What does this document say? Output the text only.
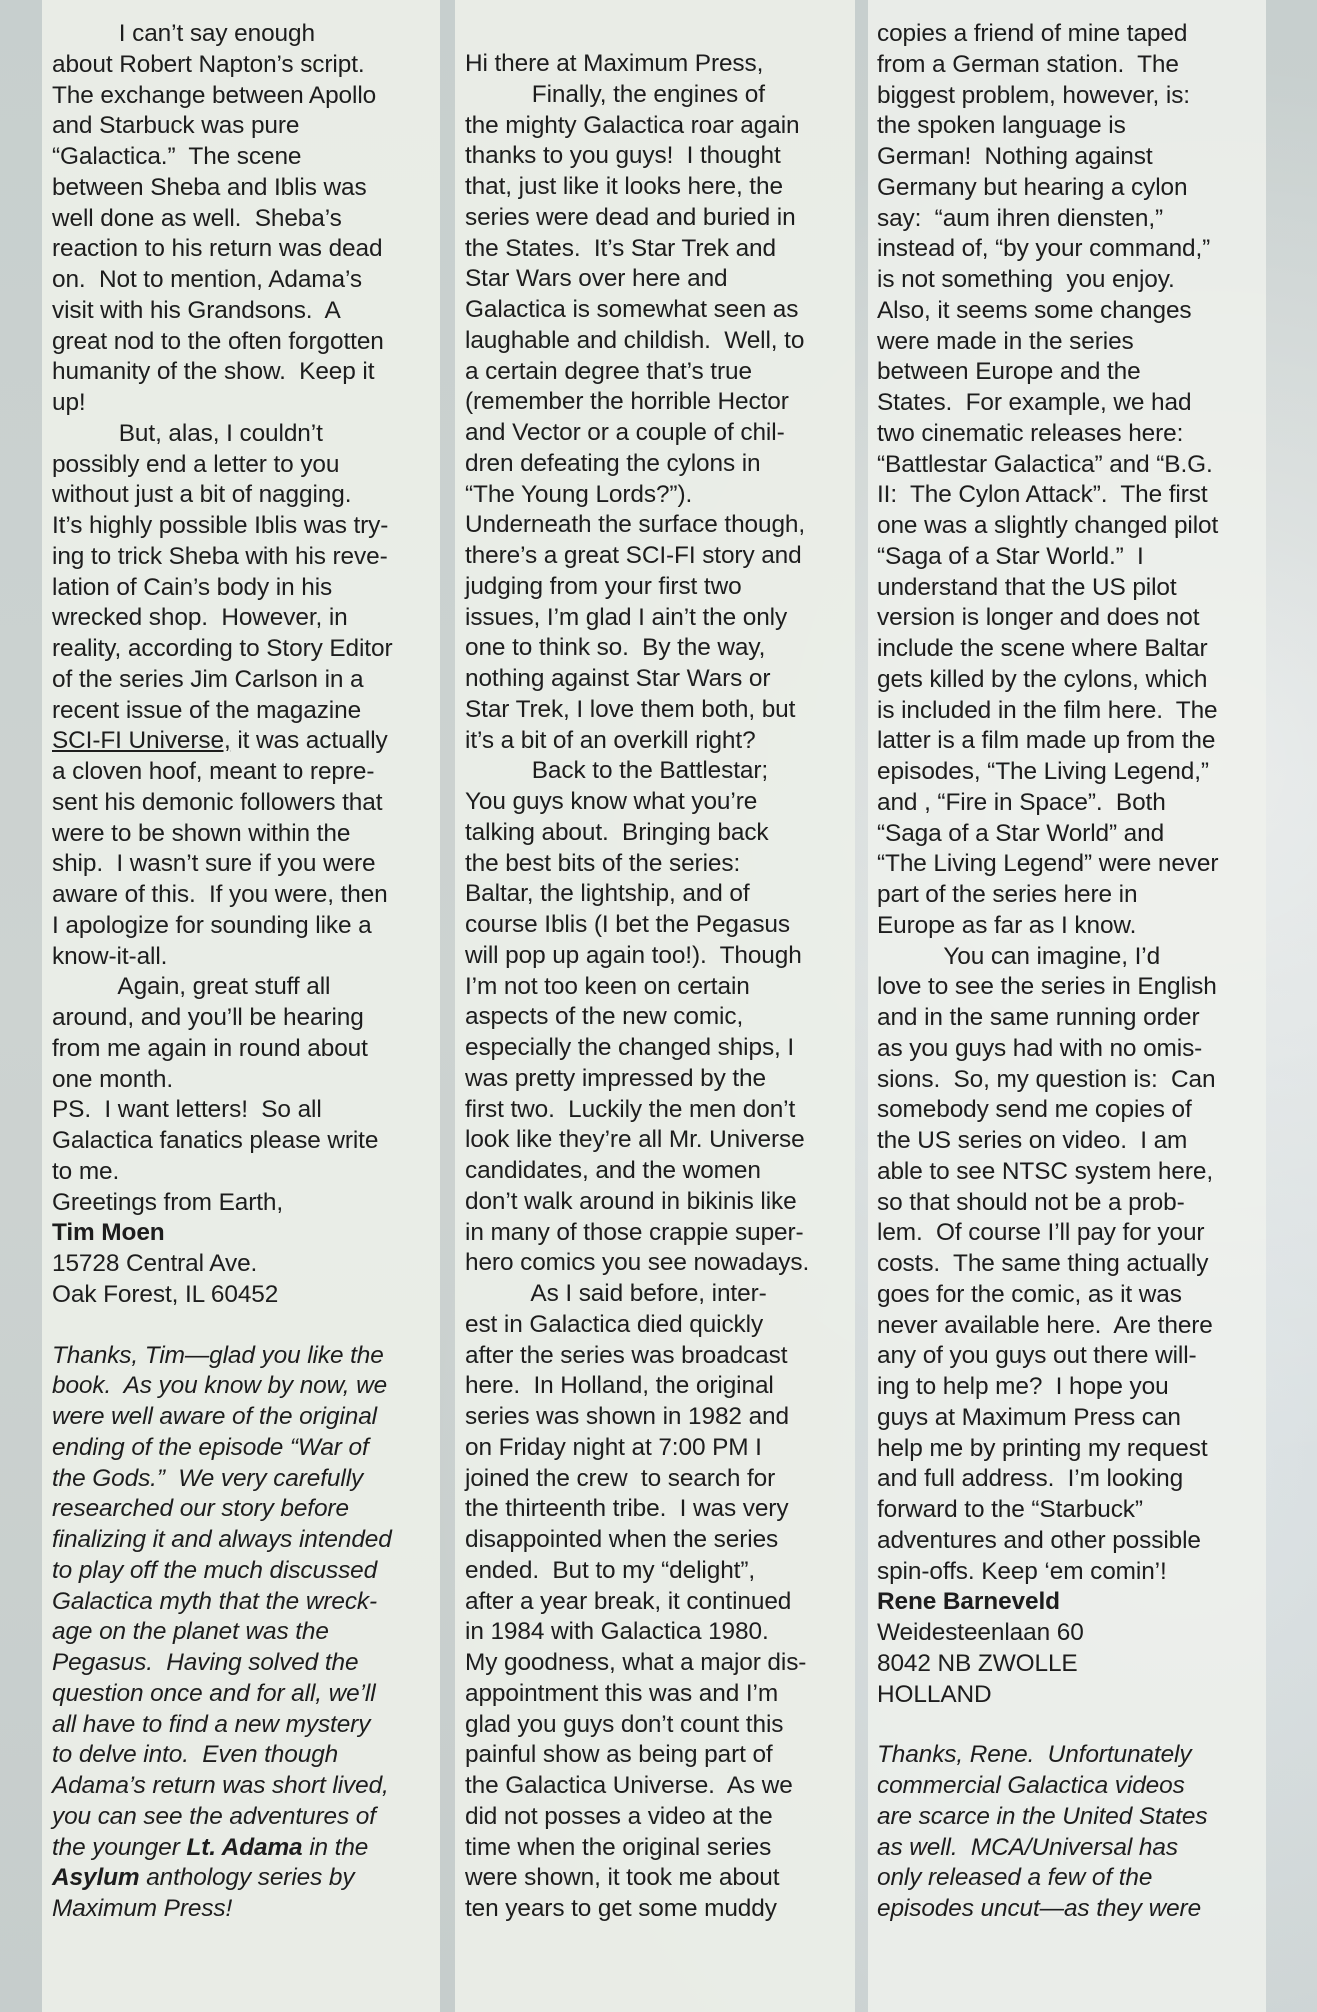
I can’t say enough
about Robert Napton’s script.
The exchange between Apollo
and Starbuck was pure
“Galactica.”  The scene
between Sheba and Iblis was
well done as well.  Sheba’s
reaction to his return was dead
on.  Not to mention, Adama’s
visit with his Grandsons.  A
great nod to the often forgotten
humanity of the show.  Keep it
up!
But, alas, I couldn’t
possibly end a letter to you
without just a bit of nagging.
It’s highly possible Iblis was try-
ing to trick Sheba with his reve-
lation of Cain’s body in his
wrecked shop.  However, in
reality, according to Story Editor
of the series Jim Carlson in a
recent issue of the magazine
SCI-FI Universe, it was actually
a cloven hoof, meant to repre-
sent his demonic followers that
were to be shown within the
ship.  I wasn’t sure if you were
aware of this.  If you were, then
I apologize for sounding like a
know-it-all.
Again, great stuff all
around, and you’ll be hearing
from me again in round about
one month.
PS.  I want letters!  So all
Galactica fanatics please write
to me.
Greetings from Earth,
Tim Moen
15728 Central Ave.
Oak Forest, IL 60452
Thanks, Tim—glad you like the
book.  As you know by now, we
were well aware of the original
ending of the episode “War of
the Gods.”  We very carefully
researched our story before
finalizing it and always intended
to play off the much discussed
Galactica myth that the wreck-
age on the planet was the
Pegasus.  Having solved the
question once and for all, we’ll
all have to find a new mystery
to delve into.  Even though
Adama’s return was short lived,
you can see the adventures of
the younger Lt. Adama in the
Asylum anthology series by
Maximum Press!
Hi there at Maximum Press,
Finally, the engines of
the mighty Galactica roar again
thanks to you guys!  I thought
that, just like it looks here, the
series were dead and buried in
the States.  It’s Star Trek and
Star Wars over here and
Galactica is somewhat seen as
laughable and childish.  Well, to
a certain degree that’s true
(remember the horrible Hector
and Vector or a couple of chil-
dren defeating the cylons in
“The Young Lords?”).
Underneath the surface though,
there’s a great SCI-FI story and
judging from your first two
issues, I’m glad I ain’t the only
one to think so.  By the way,
nothing against Star Wars or
Star Trek, I love them both, but
it’s a bit of an overkill right?
Back to the Battlestar;
You guys know what you’re
talking about.  Bringing back
the best bits of the series:
Baltar, the lightship, and of
course Iblis (I bet the Pegasus
will pop up again too!).  Though
I’m not too keen on certain
aspects of the new comic,
especially the changed ships, I
was pretty impressed by the
first two.  Luckily the men don’t
look like they’re all Mr. Universe
candidates, and the women
don’t walk around in bikinis like
in many of those crappie super-
hero comics you see nowadays.
As I said before, inter-
est in Galactica died quickly
after the series was broadcast
here.  In Holland, the original
series was shown in 1982 and
on Friday night at 7:00 PM I
joined the crew  to search for
the thirteenth tribe.  I was very
disappointed when the series
ended.  But to my “delight”,
after a year break, it continued
in 1984 with Galactica 1980.
My goodness, what a major dis-
appointment this was and I’m
glad you guys don’t count this
painful show as being part of
the Galactica Universe.  As we
did not posses a video at the
time when the original series
were shown, it took me about
ten years to get some muddy
copies a friend of mine taped
from a German station.  The
biggest problem, however, is:
the spoken language is
German!  Nothing against
Germany but hearing a cylon
say:  “aum ihren diensten,”
instead of, “by your command,”
is not something  you enjoy.
Also, it seems some changes
were made in the series
between Europe and the
States.  For example, we had
two cinematic releases here:
“Battlestar Galactica” and “B.G.
II:  The Cylon Attack”.  The first
one was a slightly changed pilot
“Saga of a Star World.”  I
understand that the US pilot
version is longer and does not
include the scene where Baltar
gets killed by the cylons, which
is included in the film here.  The
latter is a film made up from the
episodes, “The Living Legend,”
and , “Fire in Space”.  Both
“Saga of a Star World” and
“The Living Legend” were never
part of the series here in
Europe as far as I know.
You can imagine, I’d
love to see the series in English
and in the same running order
as you guys had with no omis-
sions.  So, my question is:  Can
somebody send me copies of
the US series on video.  I am
able to see NTSC system here,
so that should not be a prob-
lem.  Of course I’ll pay for your
costs.  The same thing actually
goes for the comic, as it was
never available here.  Are there
any of you guys out there will-
ing to help me?  I hope you
guys at Maximum Press can
help me by printing my request
and full address.  I’m looking
forward to the “Starbuck”
adventures and other possible
spin-offs. Keep ‘em comin’!
Rene Barneveld
Weidesteenlaan 60
8042 NB ZWOLLE
HOLLAND
Thanks, Rene.  Unfortunately
commercial Galactica videos
are scarce in the United States
as well.  MCA/Universal has
only released a few of the
episodes uncut—as they were
